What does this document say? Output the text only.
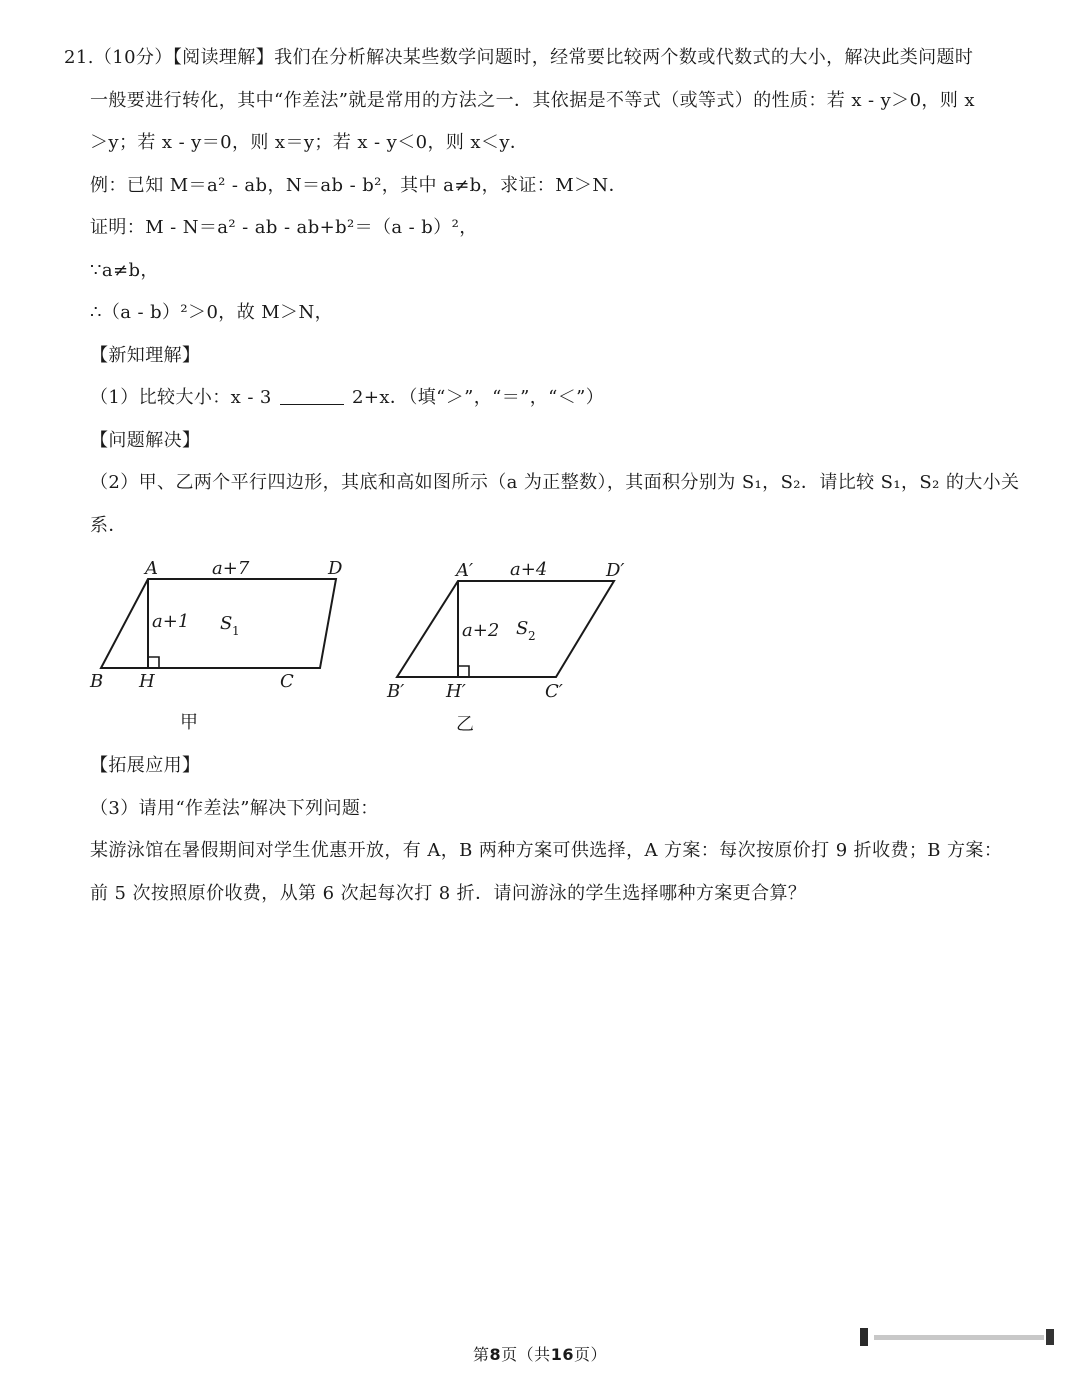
21.（10分）【阅读理解】我们在分析解决某些数学问题时，经常要比较两个数或代数式的大小，解决此类问题时
一般要进行转化，其中“作差法”就是常用的方法之一．其依据是不等式（或等式）的性质：若 x - y＞0，则 x
＞y；若 x - y＝0，则 x＝y；若 x - y＜0，则 x＜y．
例：已知 M＝a² - ab，N＝ab - b²，其中 a≠b，求证：M＞N．
证明：M - N＝a² - ab - ab+b²＝（a - b）²，
∵a≠b，
∴（a - b）²＞0，故 M＞N，
【新知理解】
（1）比较大小：x - 3	2+x．（填“＞”，“＝”，“＜”）
【问题解决】
（2）甲、乙两个平行四边形，其底和高如图所示（a 为正整数），其面积分别为 S₁，S₂．请比较 S₁，S₂ 的大小关
系．
A	D
B H	C
a+7
a+1 S 1
A′	D′
B′ H′	C′
a+4
a+2 S 2
甲	乙
【拓展应用】
（3）请用“作差法”解决下列问题：
某游泳馆在暑假期间对学生优惠开放，有 A，B 两种方案可供选择，A 方案：每次按原价打 9 折收费；B 方案：
前 5 次按照原价收费，从第 6 次起每次打 8 折．请问游泳的学生选择哪种方案更合算？
第8页（共16页）
